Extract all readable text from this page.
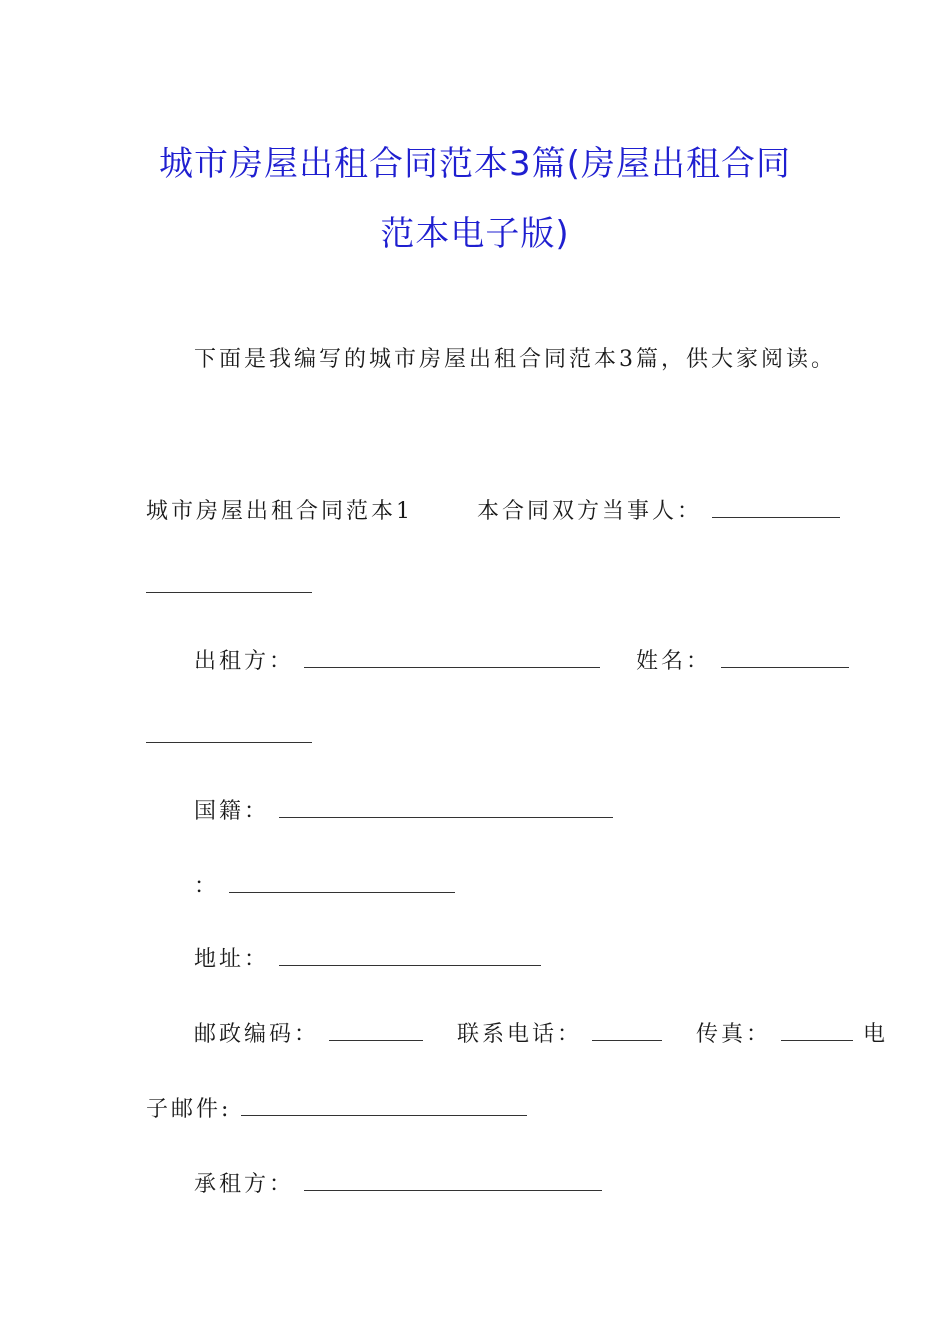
城市房屋出租合同范本3篇(房屋出租合同
范本电子版)
下面是我编写的城市房屋出租合同范本3篇，供大家阅读。
城市房屋出租合同范本1	本合同双方当事人：
出租方：	姓名：
国籍：
：
地址：
邮政编码：	联系电话：	传真：	电
子邮件:
承租方：
